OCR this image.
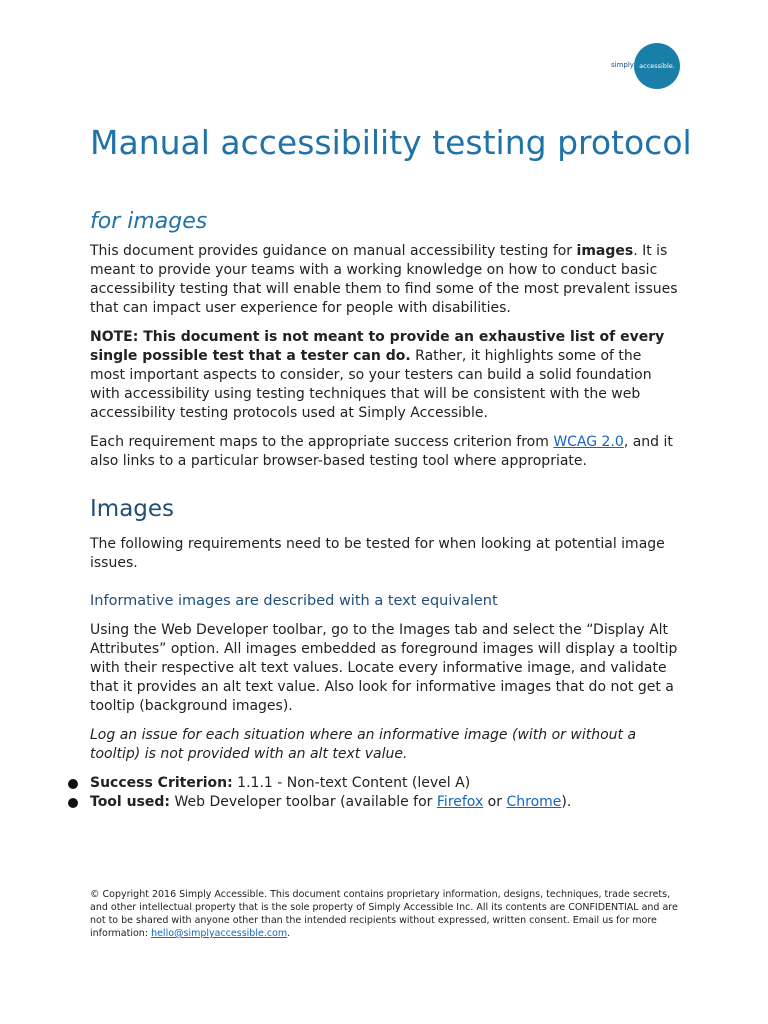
simply accessible.
Manual accessibility testing protocol
for images

This document provides guidance on manual accessibility testing for images. It is meant to provide your teams with a working knowledge on how to conduct basic accessibility testing that will enable them to find some of the most prevalent issues that can impact user experience for people with disabilities.

NOTE: This document is not meant to provide an exhaustive list of every single possible test that a tester can do. Rather, it highlights some of the most important aspects to consider, so your testers can build a solid foundation with accessibility using testing techniques that will be consistent with the web accessibility testing protocols used at Simply Accessible.

Each requirement maps to the appropriate success criterion from WCAG 2.0, and it also links to a particular browser-based testing tool where appropriate.

Images

The following requirements need to be tested for when looking at potential image issues.

Informative images are described with a text equivalent

Using the Web Developer toolbar, go to the Images tab and select the “Display Alt Attributes” option. All images embedded as foreground images will display a tooltip with their respective alt text values. Locate every informative image, and validate that it provides an alt text value. Also look for informative images that do not get a tooltip (background images).

Log an issue for each situation where an informative image (with or without a tooltip) is not provided with an alt text value.

Success Criterion: 1.1.1 - Non-text Content (level A)
Tool used: Web Developer toolbar (available for Firefox or Chrome).
© Copyright 2016 Simply Accessible. This document contains proprietary information, designs, techniques, trade secrets, and other intellectual property that is the sole property of Simply Accessible Inc. All its contents are CONFIDENTIAL and are not to be shared with anyone other than the intended recipients without expressed, written consent. Email us for more information: hello@simplyaccessible.com.
